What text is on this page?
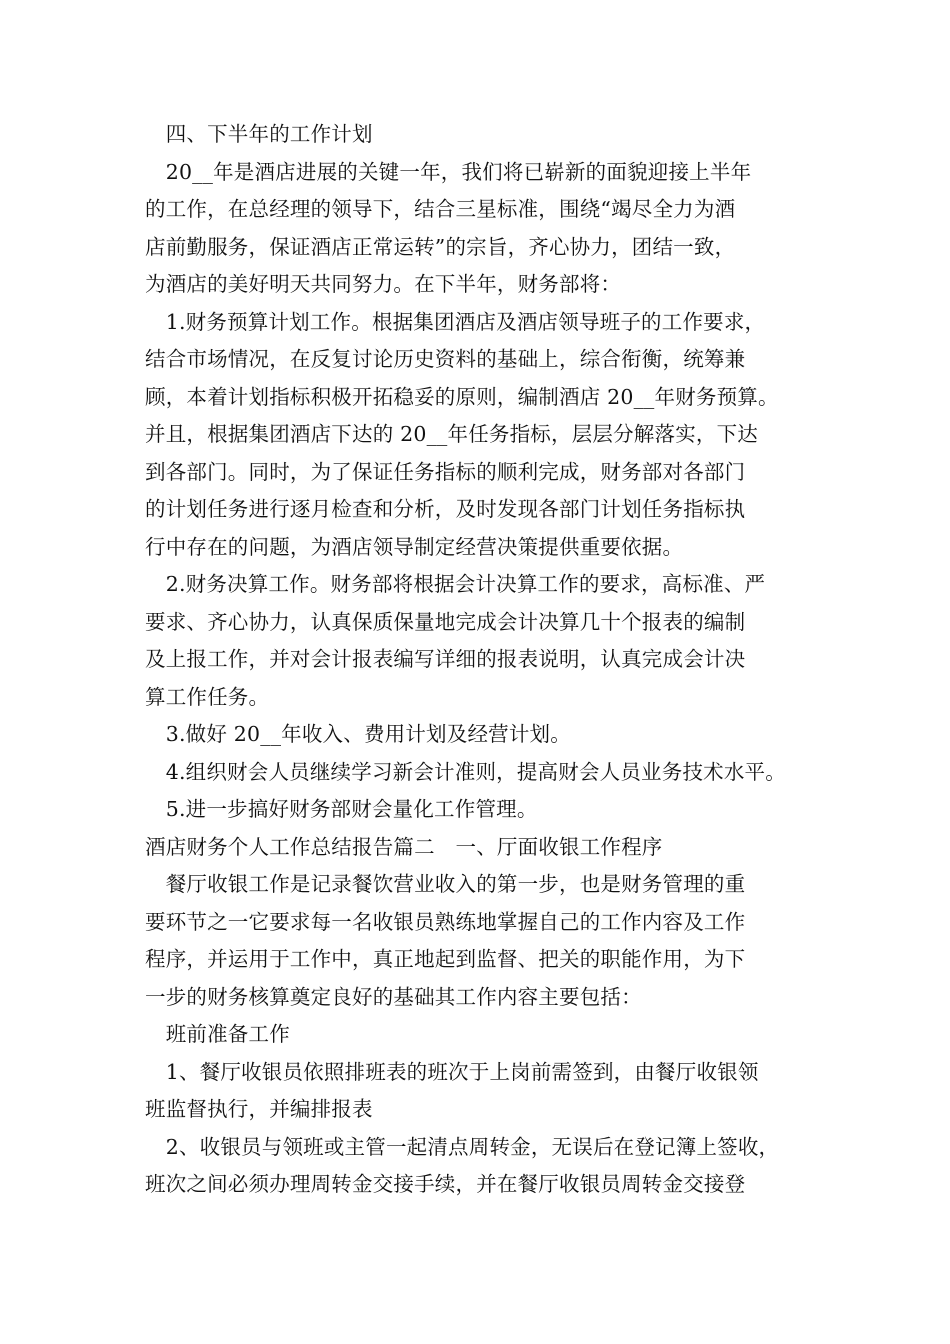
　四、下半年的工作计划
　20__年是酒店进展的关键一年，我们将已崭新的面貌迎接上半年
的工作，在总经理的领导下，结合三星标准，围绕“竭尽全力为酒
店前勤服务，保证酒店正常运转”的宗旨，齐心协力，团结一致，
为酒店的美好明天共同努力。在下半年，财务部将：
　1.财务预算计划工作。根据集团酒店及酒店领导班子的工作要求，
结合市场情况，在反复讨论历史资料的基础上，综合衔衡，统筹兼
顾，本着计划指标积极开拓稳妥的原则，编制酒店 20__年财务预算。
并且，根据集团酒店下达的 20__年任务指标，层层分解落实，下达
到各部门。同时，为了保证任务指标的顺利完成，财务部对各部门
的计划任务进行逐月检查和分析，及时发现各部门计划任务指标执
行中存在的问题，为酒店领导制定经营决策提供重要依据。
　2.财务决算工作。财务部将根据会计决算工作的要求，高标准、严
要求、齐心协力，认真保质保量地完成会计决算几十个报表的编制
及上报工作，并对会计报表编写详细的报表说明，认真完成会计决
算工作任务。
　3.做好 20__年收入、费用计划及经营计划。
　4.组织财会人员继续学习新会计准则，提高财会人员业务技术水平。
　5.进一步搞好财务部财会量化工作管理。
酒店财务个人工作总结报告篇二　一、厅面收银工作程序
　餐厅收银工作是记录餐饮营业收入的第一步，也是财务管理的重
要环节之一它要求每一名收银员熟练地掌握自己的工作内容及工作
程序，并运用于工作中，真正地起到监督、把关的职能作用，为下
一步的财务核算奠定良好的基础其工作内容主要包括：
　班前准备工作
　1、餐厅收银员依照排班表的班次于上岗前需签到，由餐厅收银领
班监督执行，并编排报表
　2、收银员与领班或主管一起清点周转金，无误后在登记簿上签收，
班次之间必须办理周转金交接手续，并在餐厅收银员周转金交接登
